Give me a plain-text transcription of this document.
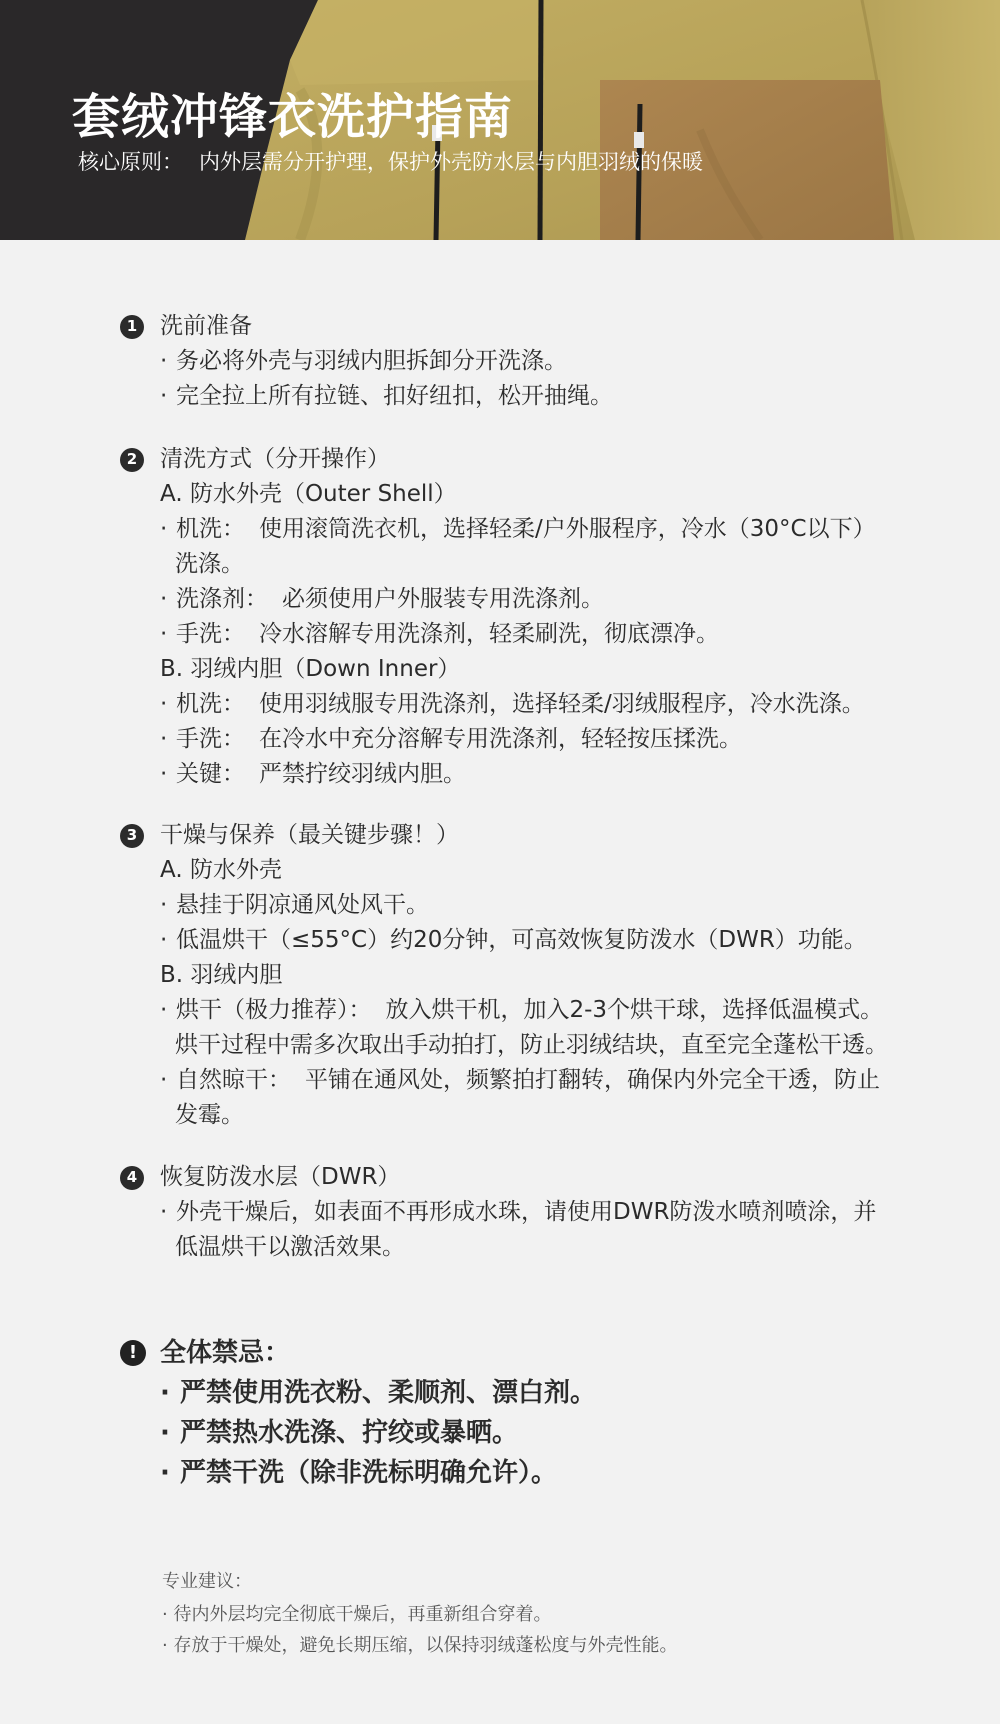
套绒冲锋衣洗护指南
核心原则： 内外层需分开护理，保护外壳防水层与内胆羽绒的保暖
1 洗前准备
· 务必将外壳与羽绒内胆拆卸分开洗涤。
· 完全拉上所有拉链、扣好纽扣，松开抽绳。
2 清洗方式（分开操作）
A. 防水外壳（Outer Shell）
· 机洗： 使用滚筒洗衣机，选择轻柔/户外服程序，冷水（30°C以下）
洗涤。
· 洗涤剂： 必须使用户外服装专用洗涤剂。
· 手洗： 冷水溶解专用洗涤剂，轻柔刷洗，彻底漂净。
B. 羽绒内胆（Down Inner）
· 机洗： 使用羽绒服专用洗涤剂，选择轻柔/羽绒服程序，冷水洗涤。
· 手洗： 在冷水中充分溶解专用洗涤剂，轻轻按压揉洗。
· 关键： 严禁拧绞羽绒内胆。
3 干燥与保养（最关键步骤！）
A. 防水外壳
· 悬挂于阴凉通风处风干。
· 低温烘干（≤55°C）约20分钟，可高效恢复防泼水（DWR）功能。
B. 羽绒内胆
· 烘干（极力推荐）： 放入烘干机，加入2-3个烘干球，选择低温模式。
烘干过程中需多次取出手动拍打，防止羽绒结块，直至完全蓬松干透。
· 自然晾干： 平铺在通风处，频繁拍打翻转，确保内外完全干透，防止
发霉。
4 恢复防泼水层（DWR）
· 外壳干燥后，如表面不再形成水珠，请使用DWR防泼水喷剂喷涂，并
低温烘干以激活效果。
! 全体禁忌：
· 严禁使用洗衣粉、柔顺剂、漂白剂。
· 严禁热水洗涤、拧绞或暴晒。
· 严禁干洗（除非洗标明确允许）。
专业建议：
· 待内外层均完全彻底干燥后，再重新组合穿着。
· 存放于干燥处，避免长期压缩，以保持羽绒蓬松度与外壳性能。
